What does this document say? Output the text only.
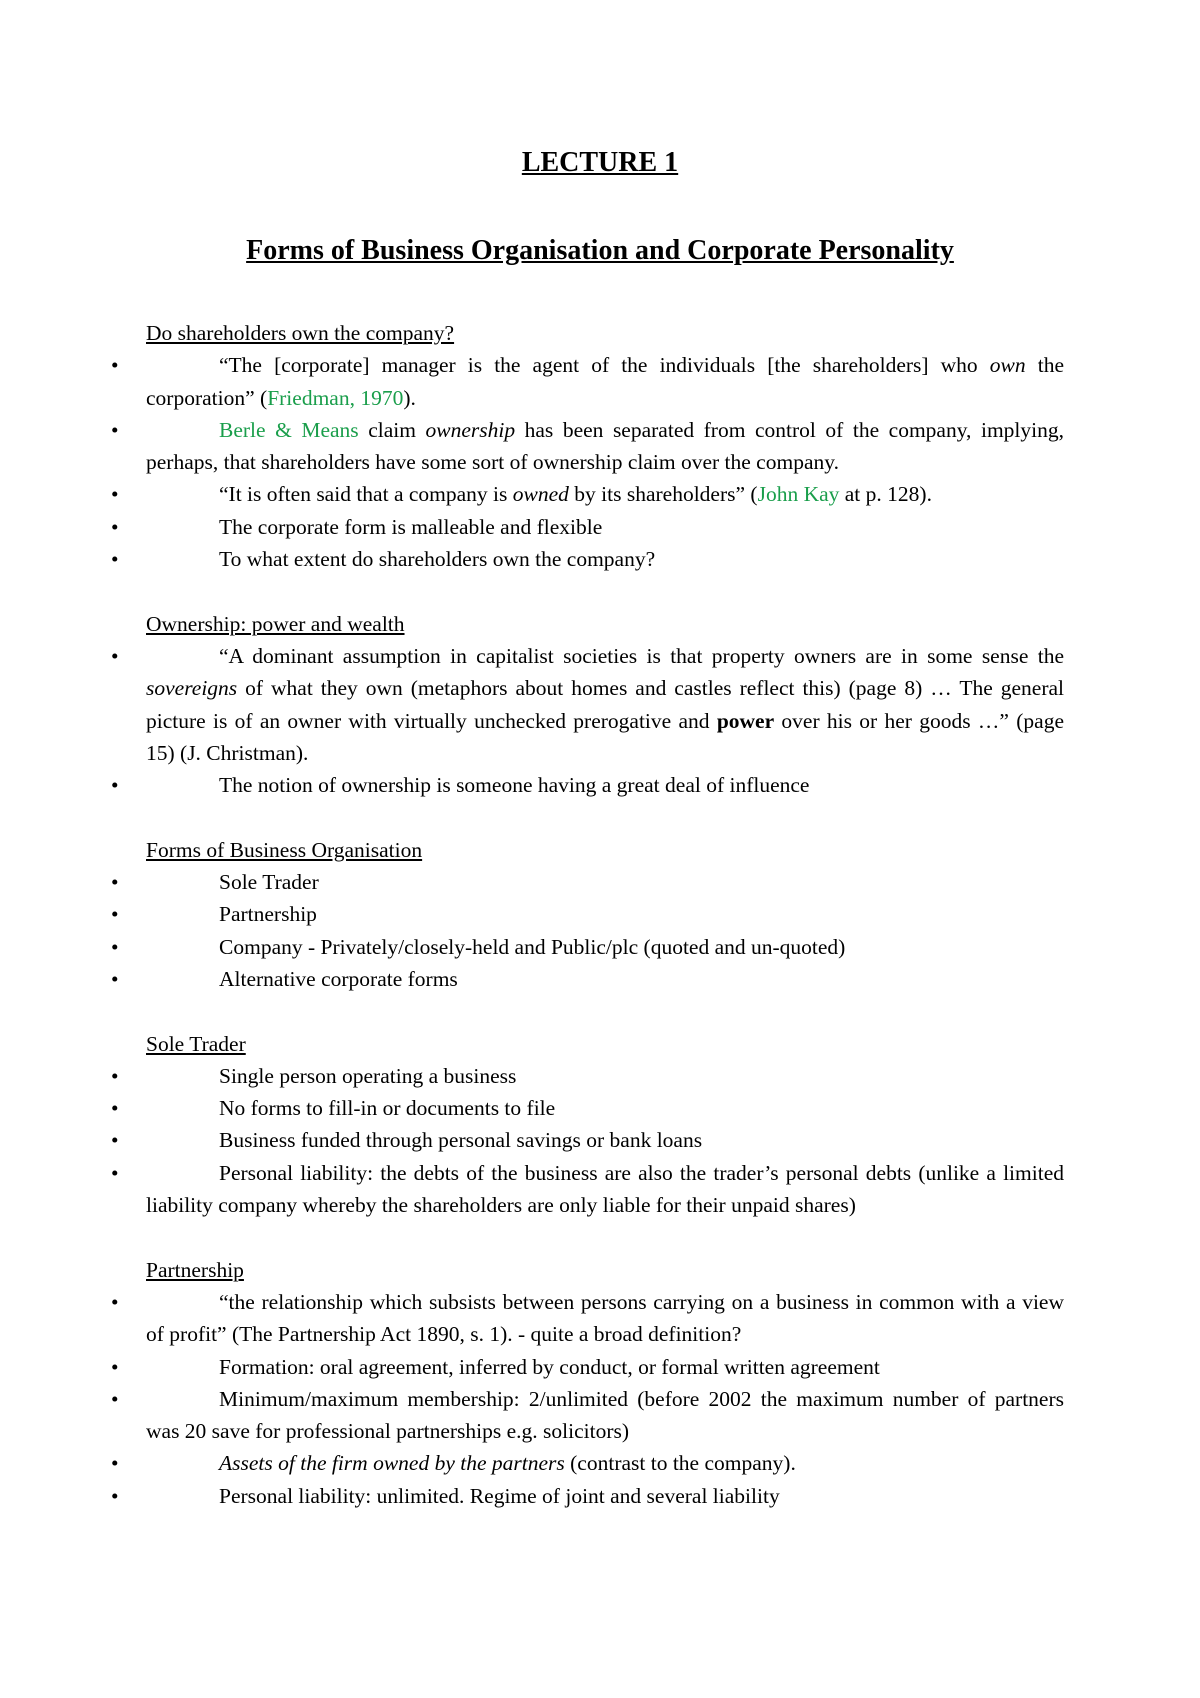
LECTURE 1
Forms of Business Organisation and Corporate Personality

Do shareholders own the company?

•	“The [corporate] manager is the agent of the individuals [the shareholders] who own the corporation” (Friedman, 1970).
•	Berle & Means claim ownership has been separated from control of the company, implying, perhaps, that shareholders have some sort of ownership claim over the company.
•	“It is often said that a company is owned by its shareholders” (John Kay at p. 128).
•	The corporate form is malleable and flexible
•	To what extent do shareholders own the company?

Ownership: power and wealth

•	“A dominant assumption in capitalist societies is that property owners are in some sense the sovereigns of what they own (metaphors about homes and castles reflect this) (page 8) … The general picture is of an owner with virtually unchecked prerogative and power over his or her goods …” (page 15) (J. Christman).
•	The notion of ownership is someone having a great deal of influence

Forms of Business Organisation

•	Sole Trader
•	Partnership
•	Company - Privately/closely-held and Public/plc (quoted and un-quoted)
•	Alternative corporate forms

Sole Trader

•	Single person operating a business
•	No forms to fill-in or documents to file
•	Business funded through personal savings or bank loans
•	Personal liability: the debts of the business are also the trader’s personal debts (unlike a limited liability company whereby the shareholders are only liable for their unpaid shares)

Partnership

•	“the relationship which subsists between persons carrying on a business in common with a view of profit” (The Partnership Act 1890, s. 1). - quite a broad definition?
•	Formation: oral agreement, inferred by conduct, or formal written agreement
•	Minimum/maximum membership: 2/unlimited (before 2002 the maximum number of partners was 20 save for professional partnerships e.g. solicitors)
•	Assets of the firm owned by the partners (contrast to the company).
•	Personal liability: unlimited. Regime of joint and several liability
